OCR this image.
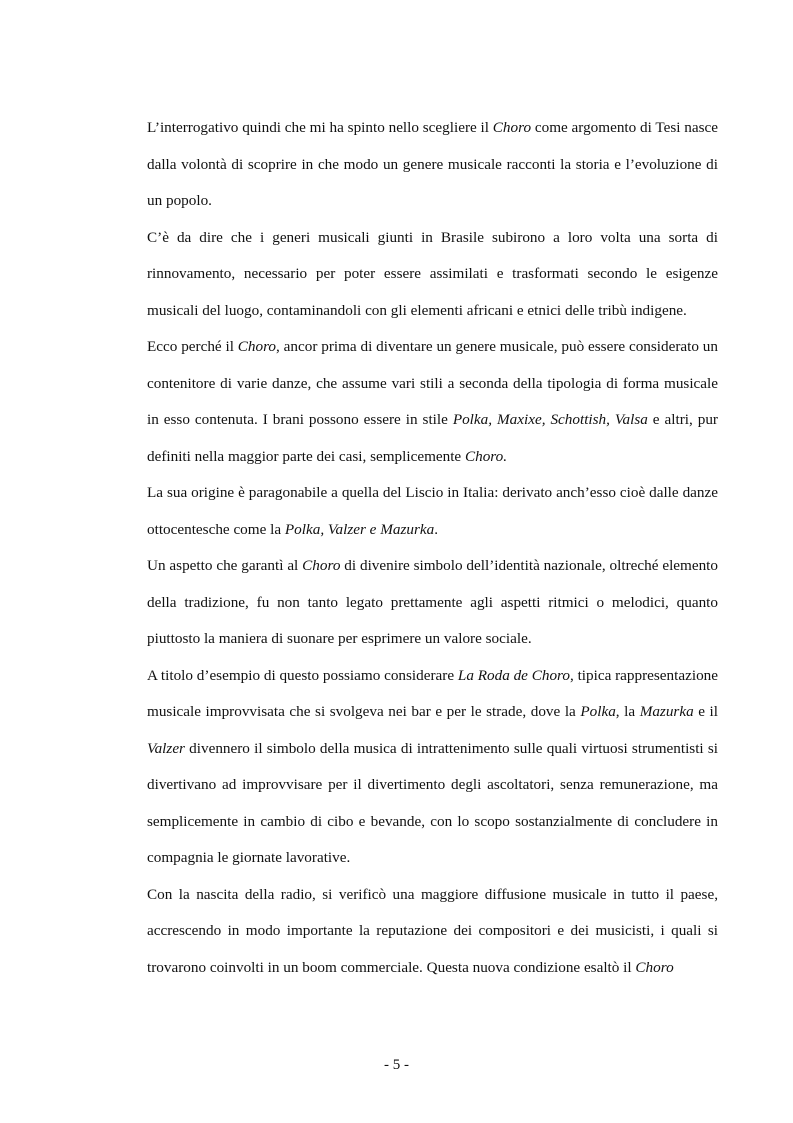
L’interrogativo quindi che mi ha spinto nello scegliere il Choro come argomento di Tesi nasce dalla volontà di scoprire in che modo un genere musicale racconti la storia e l’evoluzione di un popolo.

C’è da dire che i generi musicali giunti in Brasile subirono a loro volta una sorta di rinnovamento, necessario per poter essere assimilati e trasformati secondo le esigenze musicali del luogo, contaminandoli con gli elementi africani e etnici delle tribù indigene.

Ecco perché il Choro, ancor prima di diventare un genere musicale, può essere considerato un contenitore di varie danze, che assume vari stili a seconda della tipologia di forma musicale in esso contenuta. I brani possono essere in stile Polka, Maxixe, Schottish, Valsa e altri, pur definiti nella maggior parte dei casi, semplicemente Choro.

La sua origine è paragonabile a quella del Liscio in Italia: derivato anch’esso cioè dalle danze ottocentesche come la Polka, Valzer e Mazurka.

Un aspetto che garantì al Choro di divenire simbolo dell’identità nazionale, oltreché elemento della tradizione, fu non tanto legato prettamente agli aspetti ritmici o melodici, quanto piuttosto la maniera di suonare per esprimere un valore sociale.

A titolo d’esempio di questo possiamo considerare La Roda de Choro, tipica rappresentazione musicale improvvisata che si svolgeva nei bar e per le strade, dove la Polka, la Mazurka e il Valzer divennero il simbolo della musica di intrattenimento sulle quali virtuosi strumentisti si divertivano ad improvvisare per il divertimento degli ascoltatori, senza remunerazione, ma semplicemente in cambio di cibo e bevande, con lo scopo sostanzialmente di concludere in compagnia le giornate lavorative.

Con la nascita della radio, si verificò una maggiore diffusione musicale in tutto il paese, accrescendo in modo importante la reputazione dei compositori e dei musicisti, i quali si trovarono coinvolti in un boom commerciale. Questa nuova condizione esaltò il Choro

- 5 -
